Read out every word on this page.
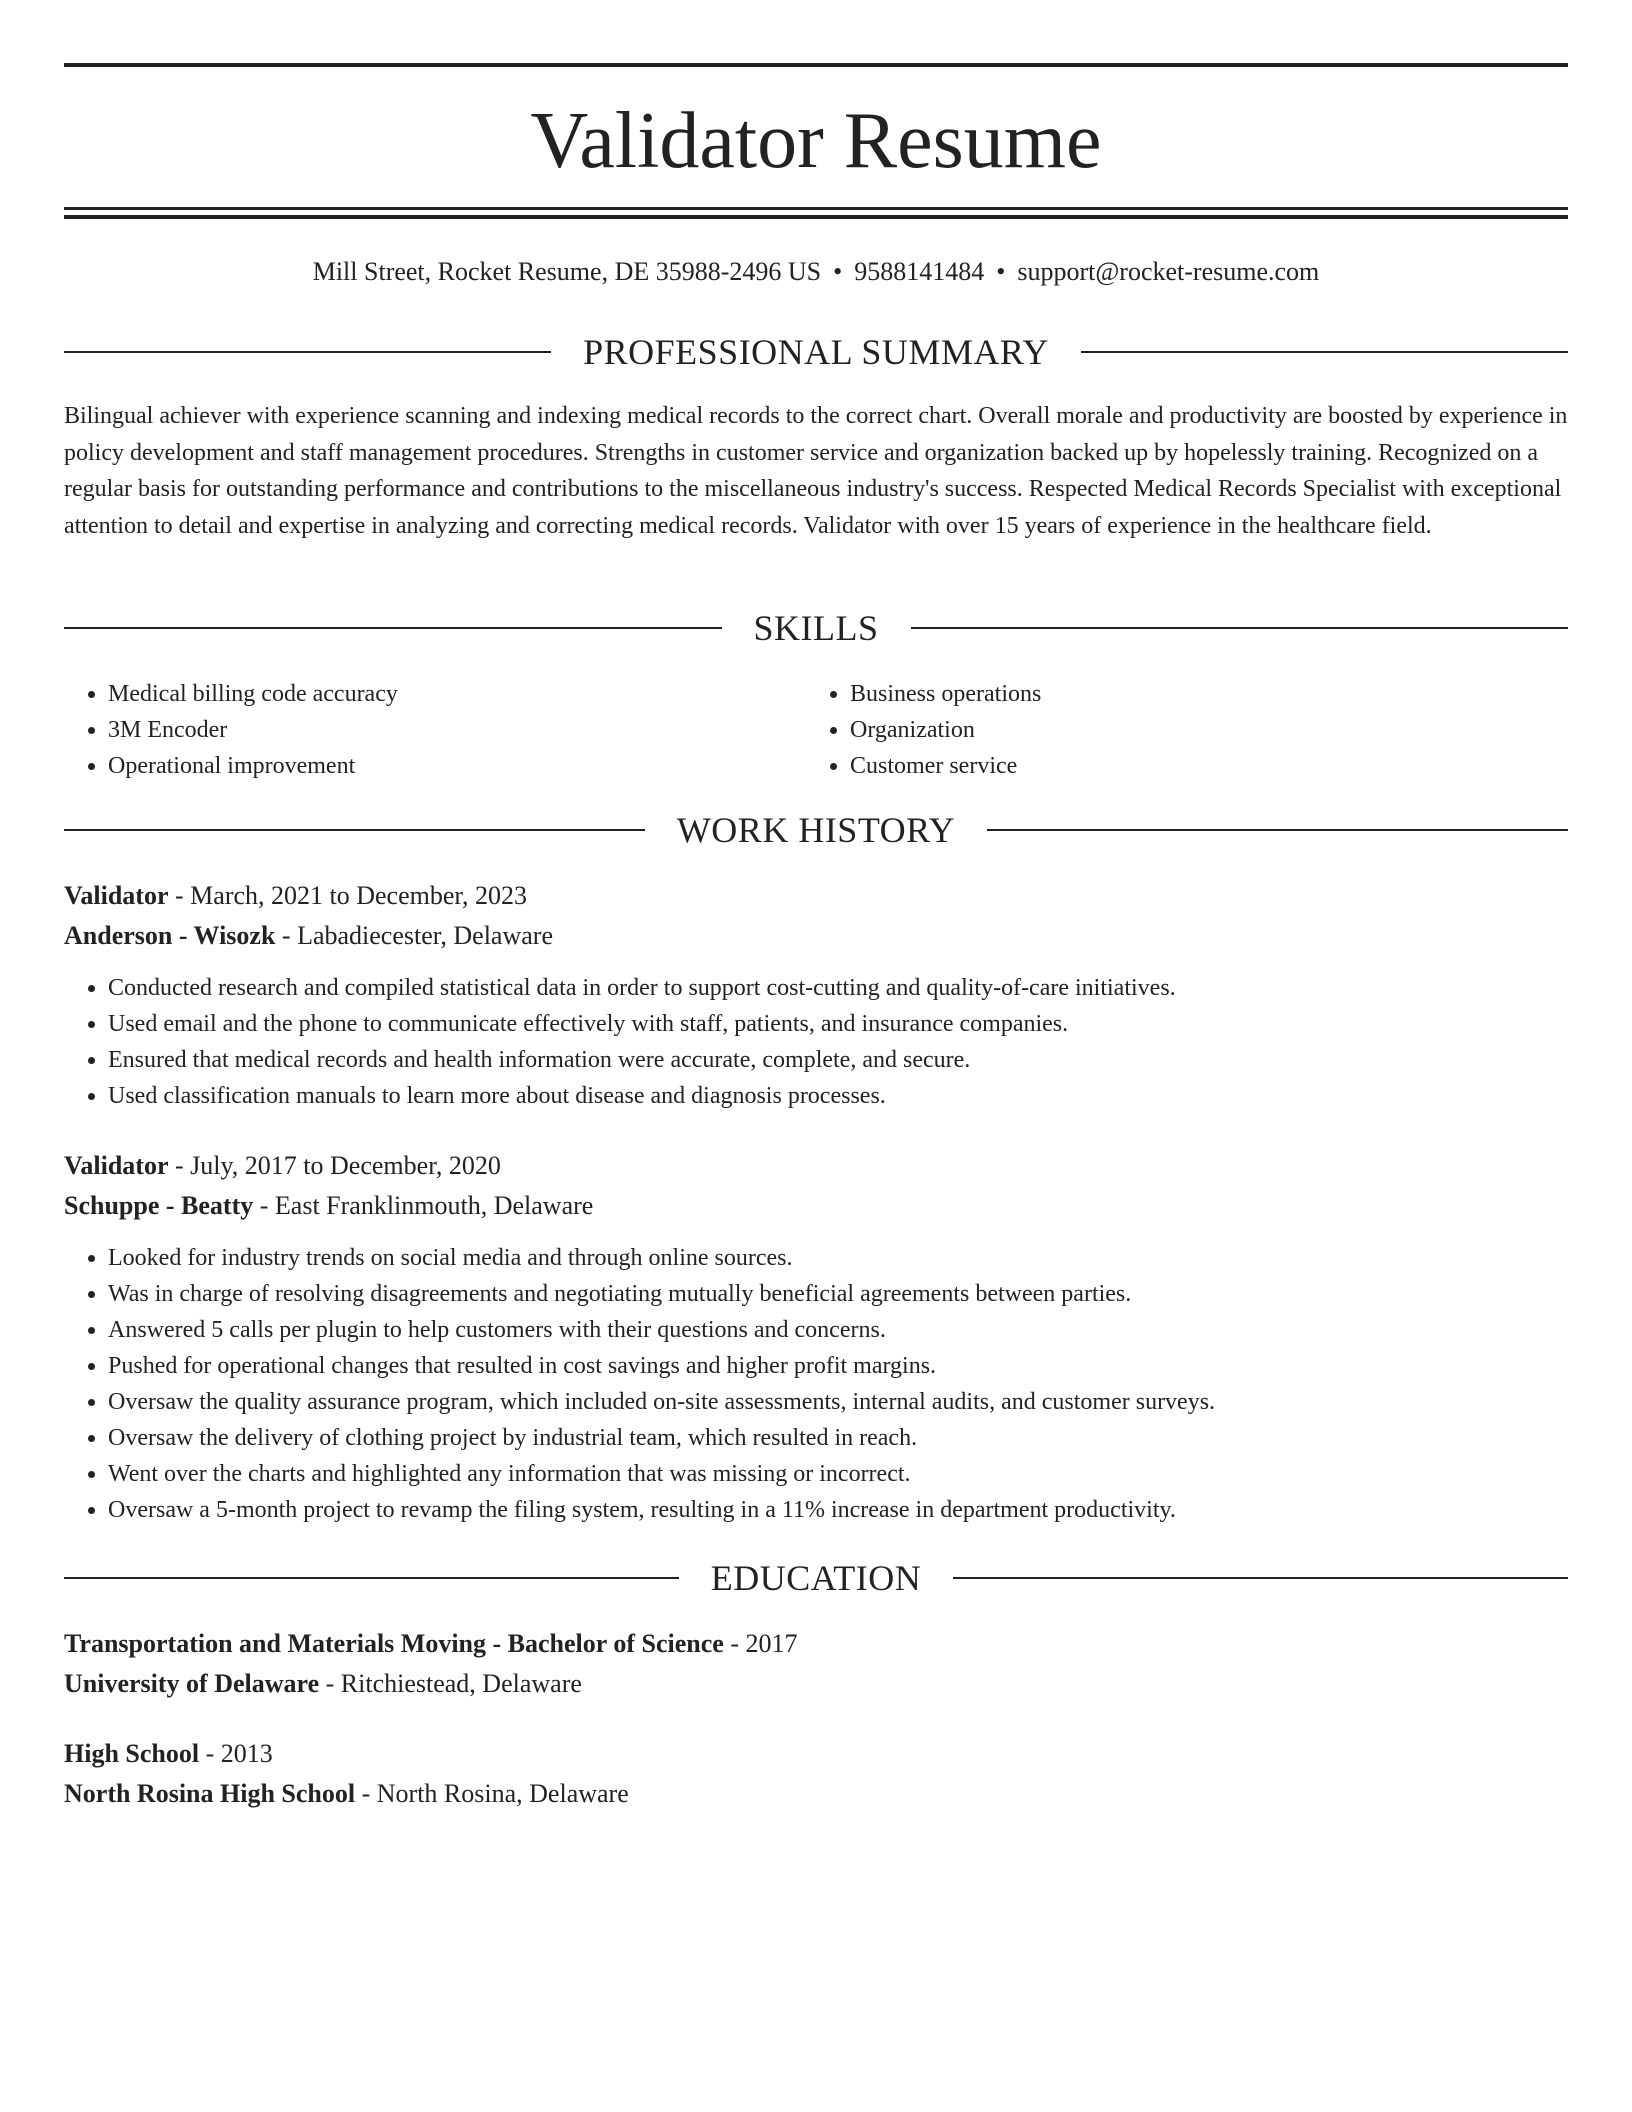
Validator Resume
Mill Street, Rocket Resume, DE 35988-2496 US • 9588141484 • support@rocket-resume.com
PROFESSIONAL SUMMARY

Bilingual achiever with experience scanning and indexing medical records to the correct chart. Overall morale and productivity are boosted by experience in policy development and staff management procedures. Strengths in customer service and organization backed up by hopelessly training. Recognized on a regular basis for outstanding performance and contributions to the miscellaneous industry's success. Respected Medical Records Specialist with exceptional attention to detail and expertise in analyzing and correcting medical records. Validator with over 15 years of experience in the healthcare field.

SKILLS
• Medical billing code accuracy
• 3M Encoder
• Operational improvement
• Business operations
• Organization
• Customer service
WORK HISTORY
Validator - March, 2021 to December, 2023
Anderson - Wisozk - Labadiecester, Delaware
• Conducted research and compiled statistical data in order to support cost-cutting and quality-of-care initiatives.
• Used email and the phone to communicate effectively with staff, patients, and insurance companies.
• Ensured that medical records and health information were accurate, complete, and secure.
• Used classification manuals to learn more about disease and diagnosis processes.
Validator - July, 2017 to December, 2020
Schuppe - Beatty - East Franklinmouth, Delaware
• Looked for industry trends on social media and through online sources.
• Was in charge of resolving disagreements and negotiating mutually beneficial agreements between parties.
• Answered 5 calls per plugin to help customers with their questions and concerns.
• Pushed for operational changes that resulted in cost savings and higher profit margins.
• Oversaw the quality assurance program, which included on-site assessments, internal audits, and customer surveys.
• Oversaw the delivery of clothing project by industrial team, which resulted in reach.
• Went over the charts and highlighted any information that was missing or incorrect.
• Oversaw a 5-month project to revamp the filing system, resulting in a 11% increase in department productivity.
EDUCATION
Transportation and Materials Moving - Bachelor of Science - 2017
University of Delaware - Ritchiestead, Delaware
High School - 2013
North Rosina High School - North Rosina, Delaware
